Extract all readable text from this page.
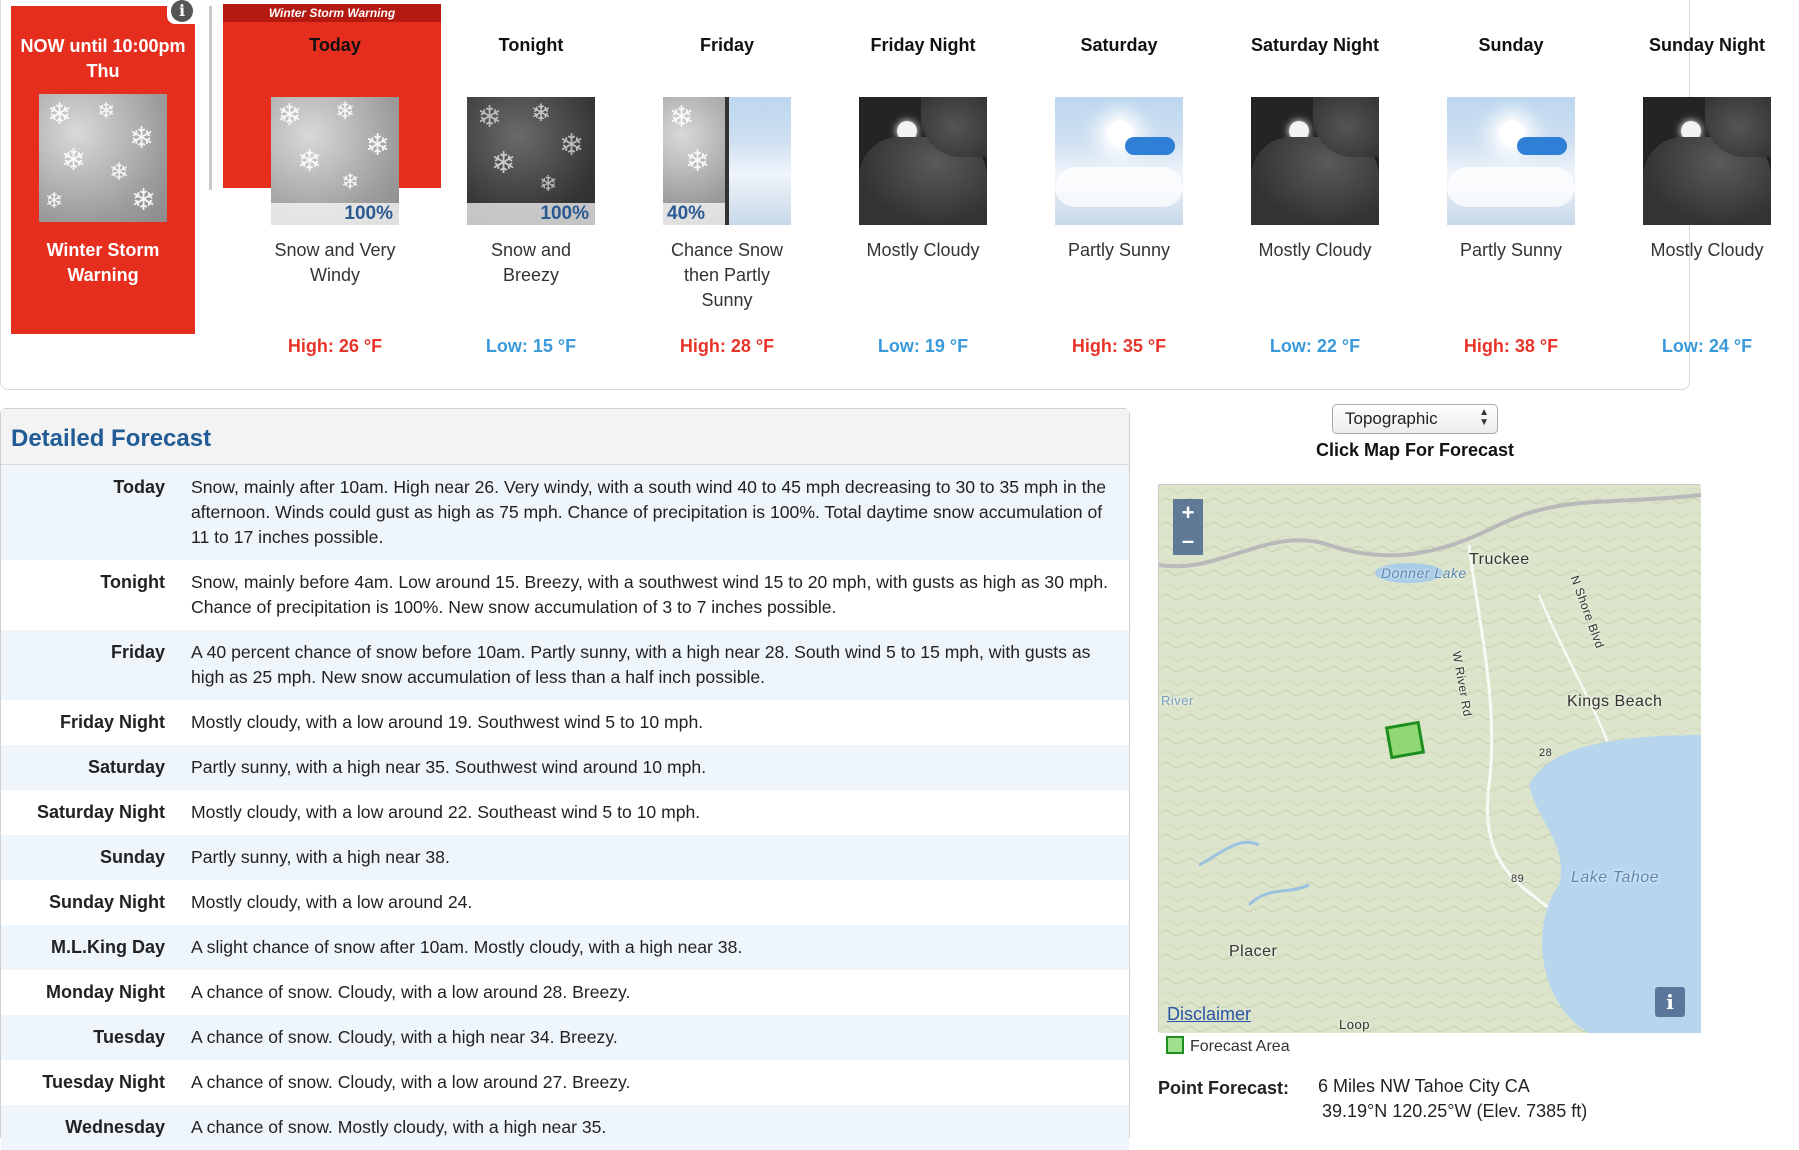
NOW until 10:00pm Thu
❄ ❄
❄
❄ ❄
❄ ❄
Winter Storm Warning
i	Winter Storm Warning
Today
❄ ❄
❄
❄
❄
100%
Snow and Very Windy
High: 26 °F
Tonight
❄ ❄
❄
❄
❄
100%
Snow and Breezy
Low: 15 °F
Friday
❄
❄
40%
Chance Snow then Partly Sunny
High: 28 °F
Friday Night
Mostly Cloudy
Low: 19 °F
Saturday
Partly Sunny
High: 35 °F
Saturday Night
Mostly Cloudy
Low: 22 °F
Sunday
Partly Sunny
High: 38 °F
Sunday Night
Mostly Cloudy
Low: 24 °F
Detailed Forecast
Today	Snow, mainly after 10am. High near 26. Very windy, with a south wind 40 to 45 mph decreasing to 30 to 35 mph in the afternoon. Winds could gust as high as 75 mph. Chance of precipitation is 100%. Total daytime snow accumulation of 11 to 17 inches possible.
Tonight	Snow, mainly before 4am. Low around 15. Breezy, with a southwest wind 15 to 20 mph, with gusts as high as 30 mph. Chance of precipitation is 100%. New snow accumulation of 3 to 7 inches possible.
Friday	A 40 percent chance of snow before 10am. Partly sunny, with a high near 28. South wind 5 to 15 mph, with gusts as high as 25 mph. New snow accumulation of less than a half inch possible.
Friday Night	Mostly cloudy, with a low around 19. Southwest wind 5 to 10 mph.
Saturday	Partly sunny, with a high near 35. Southwest wind around 10 mph.
Saturday Night	Mostly cloudy, with a low around 22. Southeast wind 5 to 10 mph.
Sunday	Partly sunny, with a high near 38.
Sunday Night	Mostly cloudy, with a low around 24.
M.L.King Day	A slight chance of snow after 10am. Mostly cloudy, with a high near 38.
Monday Night	A chance of snow. Cloudy, with a low around 28. Breezy.
Tuesday	A chance of snow. Cloudy, with a high near 34. Breezy.
Tuesday Night	A chance of snow. Cloudy, with a low around 27. Breezy.
Wednesday	A chance of snow. Mostly cloudy, with a high near 35.
Topographic	▲
▼
Click Map For Forecast
+
–
Truckee
Donner Lake
Kings Beach
Lake Tahoe
Placer
N Shore Blvd
W River Rd
River
Loop
28
89
Disclaimer	i
Forecast Area
Point Forecast: 6 Miles NW Tahoe City CA
39.19°N 120.25°W (Elev. 7385 ft)
